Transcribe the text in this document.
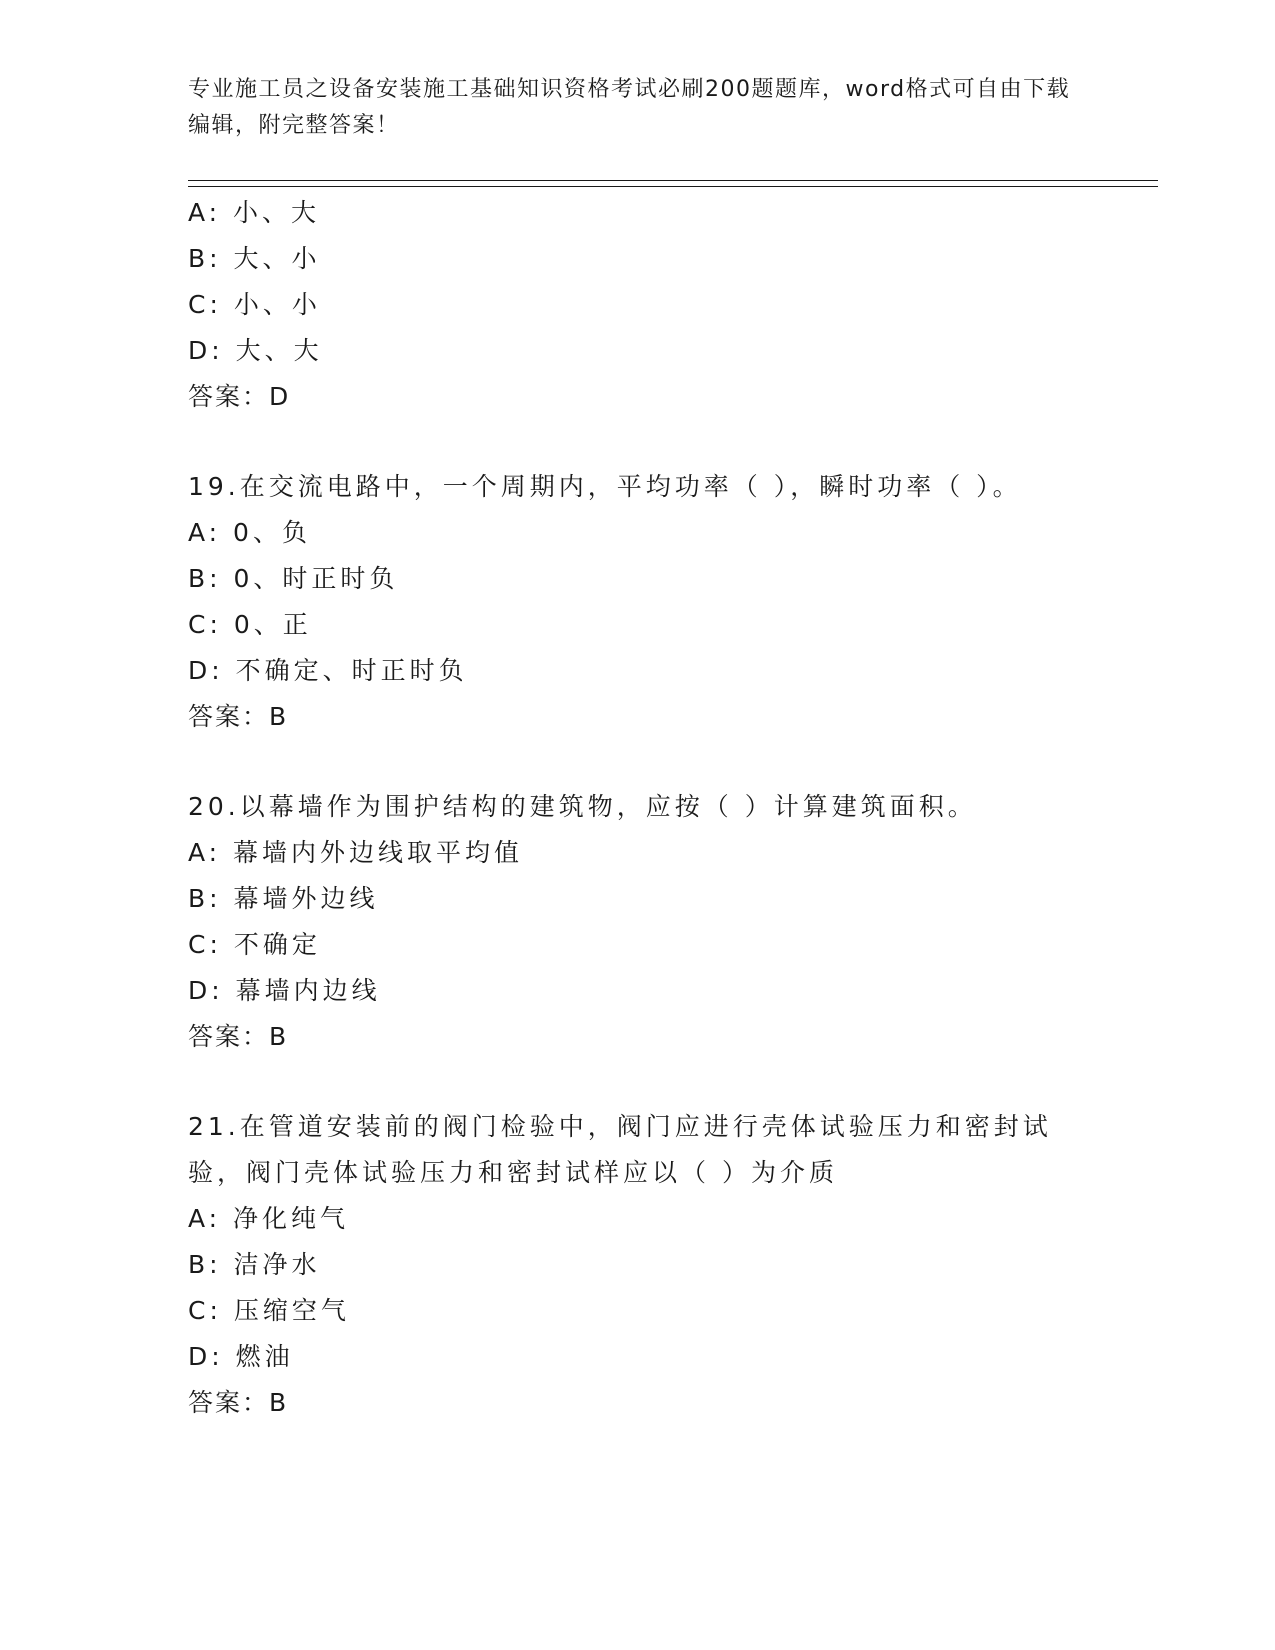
专业施工员之设备安装施工基础知识资格考试必刷200题题库，word格式可自由下载编辑，附完整答案！
A: 小、大
B: 大、小
C: 小、小
D: 大、大
答案：D
19.在交流电路中，一个周期内，平均功率（ ），瞬时功率（ ）。
A: 0、负
B: 0、时正时负
C: 0、正
D: 不确定、时正时负
答案：B
20.以幕墙作为围护结构的建筑物，应按（ ）计算建筑面积。
A: 幕墙内外边线取平均值
B: 幕墙外边线
C: 不确定
D: 幕墙内边线
答案：B
21.在管道安装前的阀门检验中，阀门应进行壳体试验压力和密封试验，阀门壳体试验压力和密封试样应以（ ）为介质
A: 净化纯气
B: 洁净水
C: 压缩空气
D: 燃油
答案：B
